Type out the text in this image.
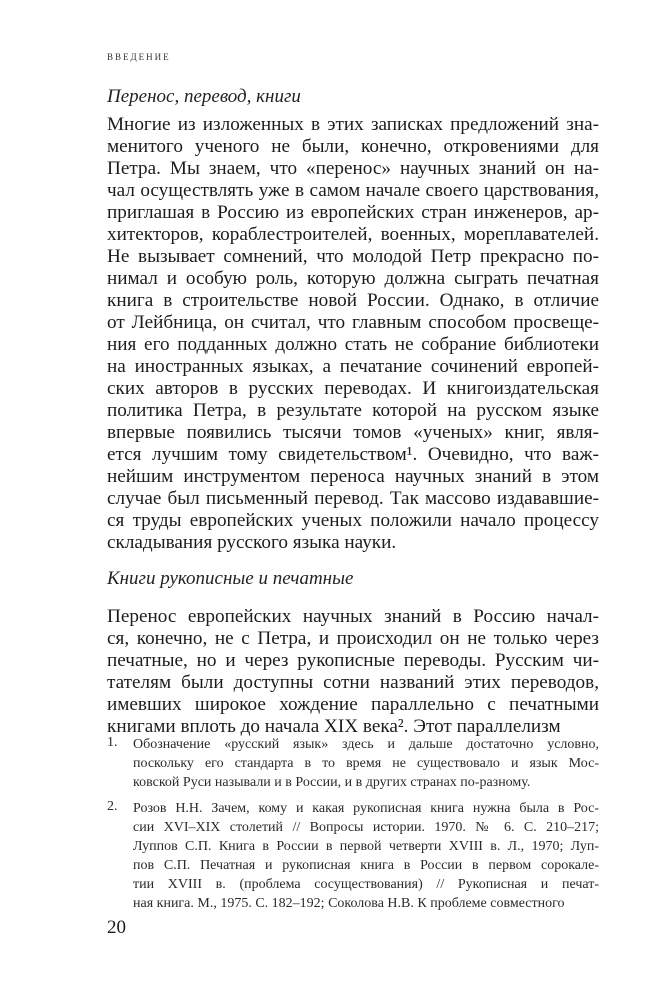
ВВЕДЕНИЕ
Перенос, перевод, книги
Многие из изложенных в этих записках предложений зна-
менитого ученого не были, конечно, откровениями для
Петра. Мы знаем, что «перенос» научных знаний он на-
чал осуществлять уже в самом начале своего царствования,
приглашая в Россию из европейских стран инженеров, ар-
хитекторов, кораблестроителей, военных, мореплавателей.
Не вызывает сомнений, что молодой Петр прекрасно по-
нимал и особую роль, которую должна сыграть печатная
книга в строительстве новой России. Однако, в отличие
от Лейбница, он считал, что главным способом просвеще-
ния его подданных должно стать не собрание библиотеки
на иностранных языках, а печатание сочинений европей-
ских авторов в русских переводах. И книгоиздательская
политика Петра, в результате которой на русском языке
впервые появились тысячи томов «ученых» книг, явля-
ется лучшим тому свидетельством¹. Очевидно, что важ-
нейшим инструментом переноса научных знаний в этом
случае был письменный перевод. Так массово издававшие-
ся труды европейских ученых положили начало процессу
складывания русского языка науки.
Книги рукописные и печатные
Перенос европейских научных знаний в Россию начал-
ся, конечно, не с Петра, и происходил он не только через
печатные, но и через рукописные переводы. Русским чи-
тателям были доступны сотни названий этих переводов,
имевших широкое хождение параллельно с печатными
книгами вплоть до начала XIX века². Этот параллелизм
1. Обозначение «русский язык» здесь и дальше достаточно условно,
поскольку его стандарта в то время не существовало и язык Мос-
ковской Руси называли и в России, и в других странах по-разному.
2. Розов Н.Н. Зачем, кому и какая рукописная книга нужна была в Рос-
сии XVI–XIX столетий // Вопросы истории. 1970. № 6. С. 210–217;
Луппов С.П. Книга в России в первой четверти XVIII в. Л., 1970; Луп-
пов С.П. Печатная и рукописная книга в России в первом сорокале-
тии XVIII в. (проблема сосуществования) // Рукописная и печат-
ная книга. М., 1975. С. 182–192; Соколова Н.В. К проблеме совместного
20
